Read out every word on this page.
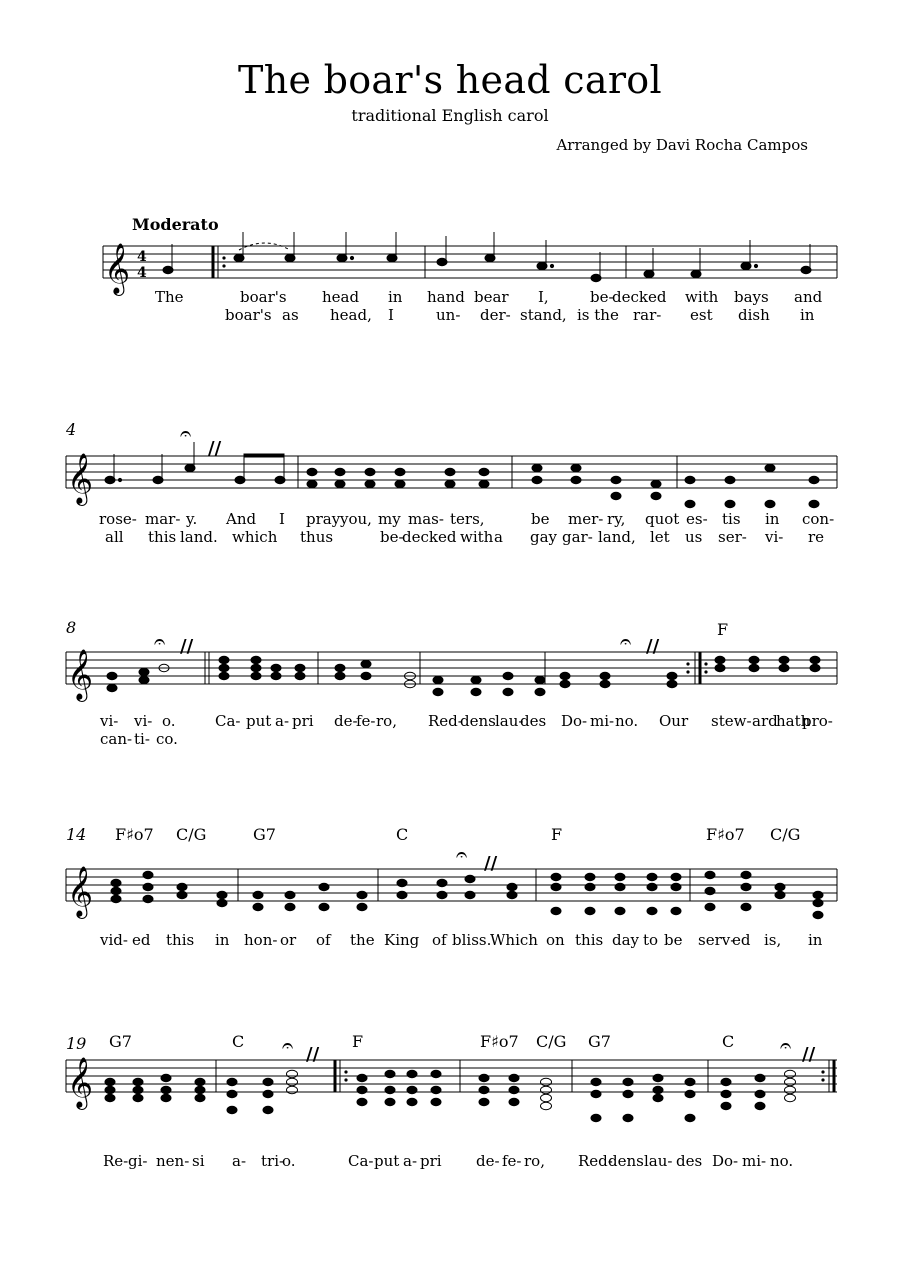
The boar's head carol
traditional English carol
Arranged by Davi Rocha Campos
Moderato
𝄞 4
4
The	boar's head in hand bear I,	be-
decked with bays and
boar's as head, I	un- der- stand, is the rar- est dish in
4
𝄞
𝄐
//
rose- mar- y. And I pray you, my mas- ters,	be mer- ry, quot es- tis in con-
all this land. which thus	be-
decked with a gay gar- land, let us ser- vi- re
8	F
𝄞
𝄐 //	𝄐 //
vi- vi- o.	Ca- put a- pri de-
fe- ro, Red-
dens lau-
des Do- mi- no. Our stew- ard
hath
pro-
can- ti- co.
14 F♯o7 C/G	G7	C	F	F♯o7 C/G
𝄞
𝄐 //
vid- ed this in hon- or of the King of bliss.
Which on this day to be serv-
ed is, in
19 G7	C	F	F♯o7 C/G G7	C
𝄞
𝄐 //	𝄐 //
Re- gi- nen- si a- tri-
o.	Ca- put a- pri de- fe- ro, Red-
dens lau- des Do- mi- no.
